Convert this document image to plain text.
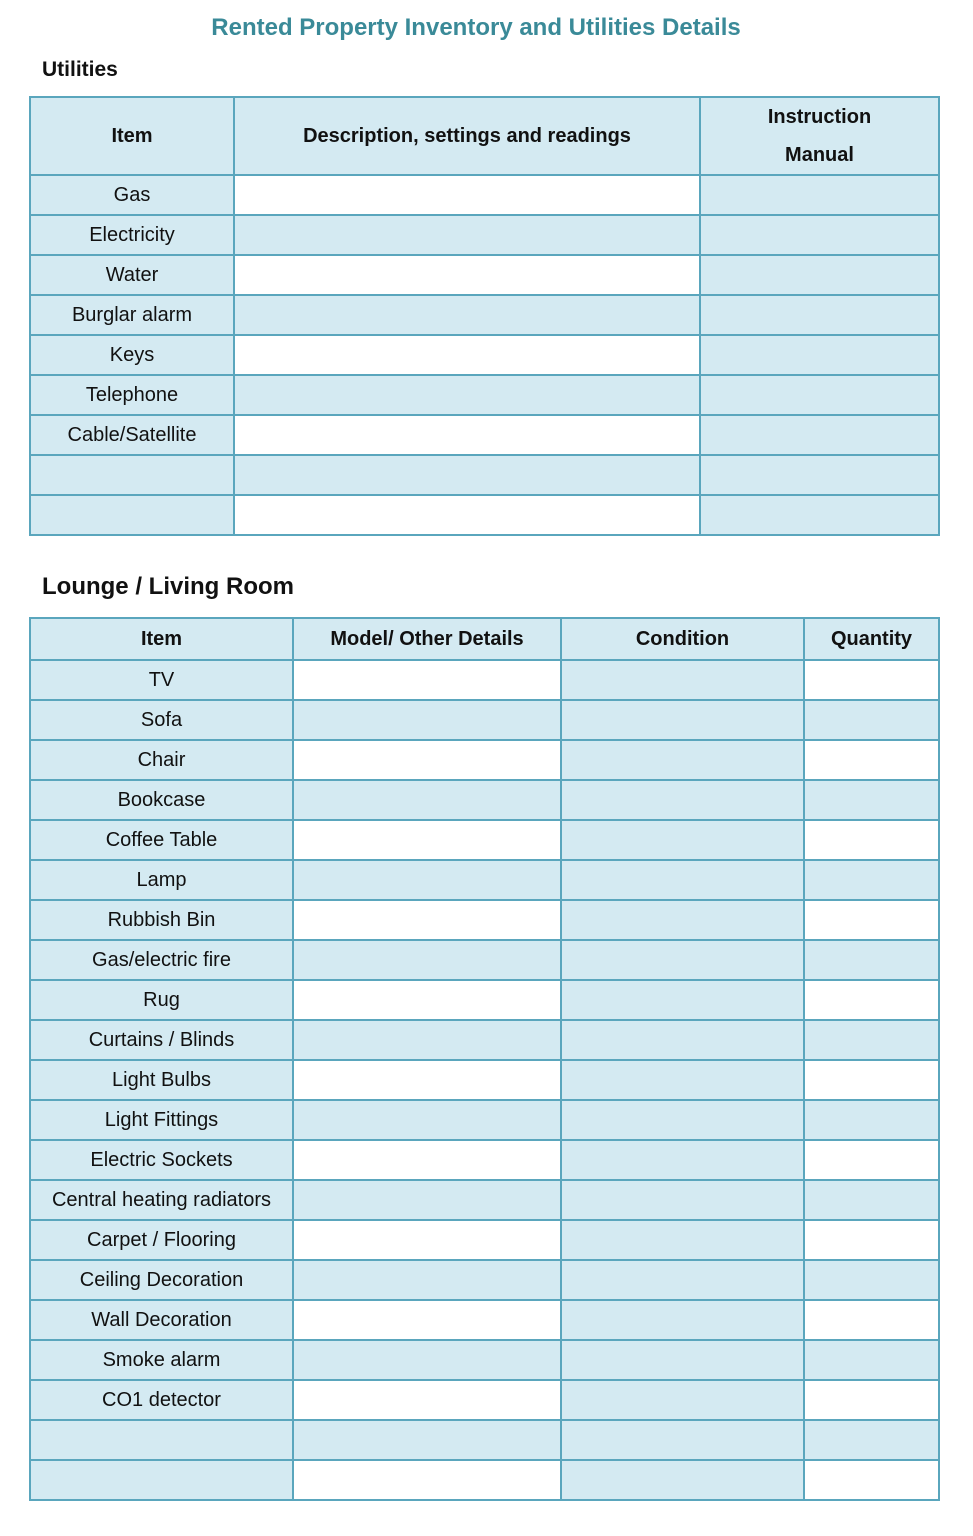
Rented Property Inventory and Utilities Details
Utilities
Item	Description, settings and readings	Instruction
Manual
Gas		
Electricity		
Water		
Burglar alarm		
Keys		
Telephone		
Cable/Satellite		

Lounge / Living Room
Item	Model/ Other Details	Condition	Quantity
TV			
Sofa			
Chair			
Bookcase			
Coffee Table			
Lamp			
Rubbish Bin			
Gas/electric fire			
Rug			
Curtains / Blinds			
Light Bulbs			
Light Fittings			
Electric Sockets			
Central heating radiators			
Carpet / Flooring			
Ceiling Decoration			
Wall Decoration			
Smoke alarm			
CO1 detector			
